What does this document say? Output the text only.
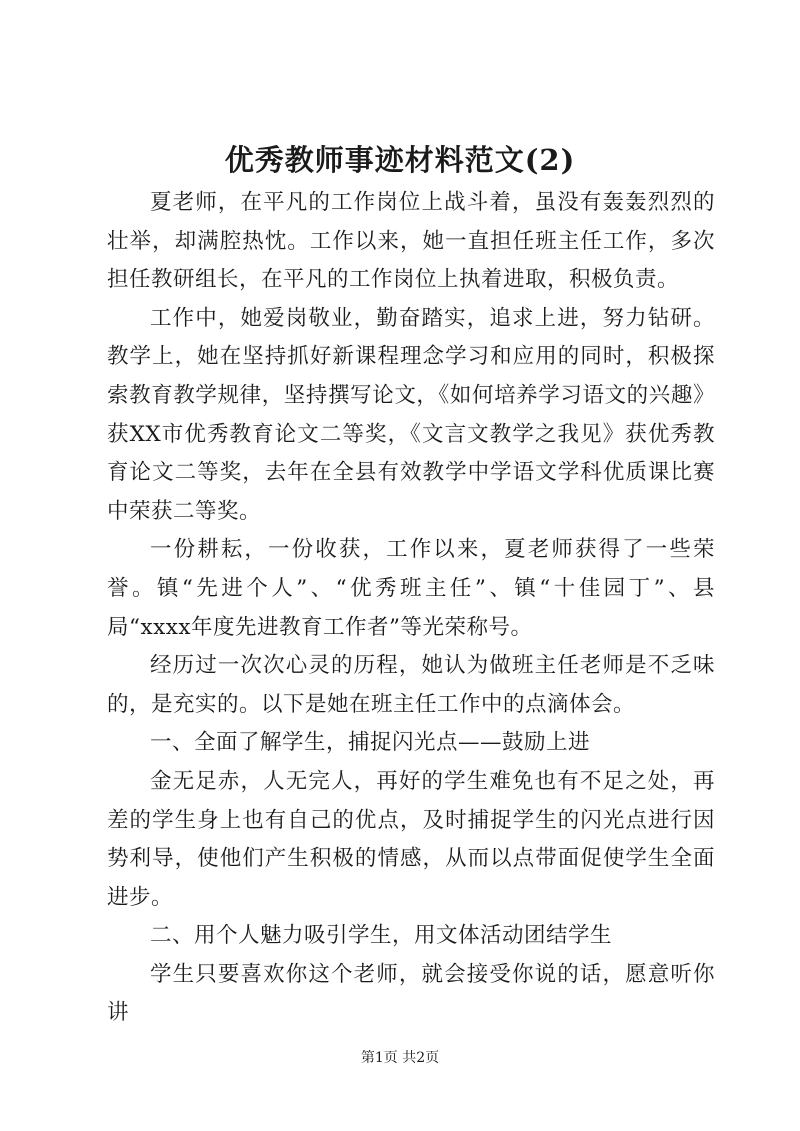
优秀教师事迹材料范文(2)

夏老师，在平凡的工作岗位上战斗着，虽没有轰轰烈烈的壮举，却满腔热忱。工作以来，她一直担任班主任工作，多次担任教研组长，在平凡的工作岗位上执着进取，积极负责。

工作中，她爱岗敬业，勤奋踏实，追求上进，努力钻研。教学上，她在坚持抓好新课程理念学习和应用的同时，积极探索教育教学规律，坚持撰写论文，《如何培养学习语文的兴趣》获XX市优秀教育论文二等奖，《文言文教学之我见》获优秀教育论文二等奖，去年在全县有效教学中学语文学科优质课比赛中荣获二等奖。

一份耕耘，一份收获，工作以来，夏老师获得了一些荣誉。镇“先进个人”、“优秀班主任”、镇“十佳园丁”、县局“xxxx年度先进教育工作者”等光荣称号。

经历过一次次心灵的历程，她认为做班主任老师是不乏味的，是充实的。以下是她在班主任工作中的点滴体会。

一、全面了解学生，捕捉闪光点——鼓励上进

金无足赤，人无完人，再好的学生难免也有不足之处，再差的学生身上也有自己的优点，及时捕捉学生的闪光点进行因势利导，使他们产生积极的情感，从而以点带面促使学生全面进步。

二、用个人魅力吸引学生，用文体活动团结学生

学生只要喜欢你这个老师，就会接受你说的话，愿意听你讲

第1页 共2页
